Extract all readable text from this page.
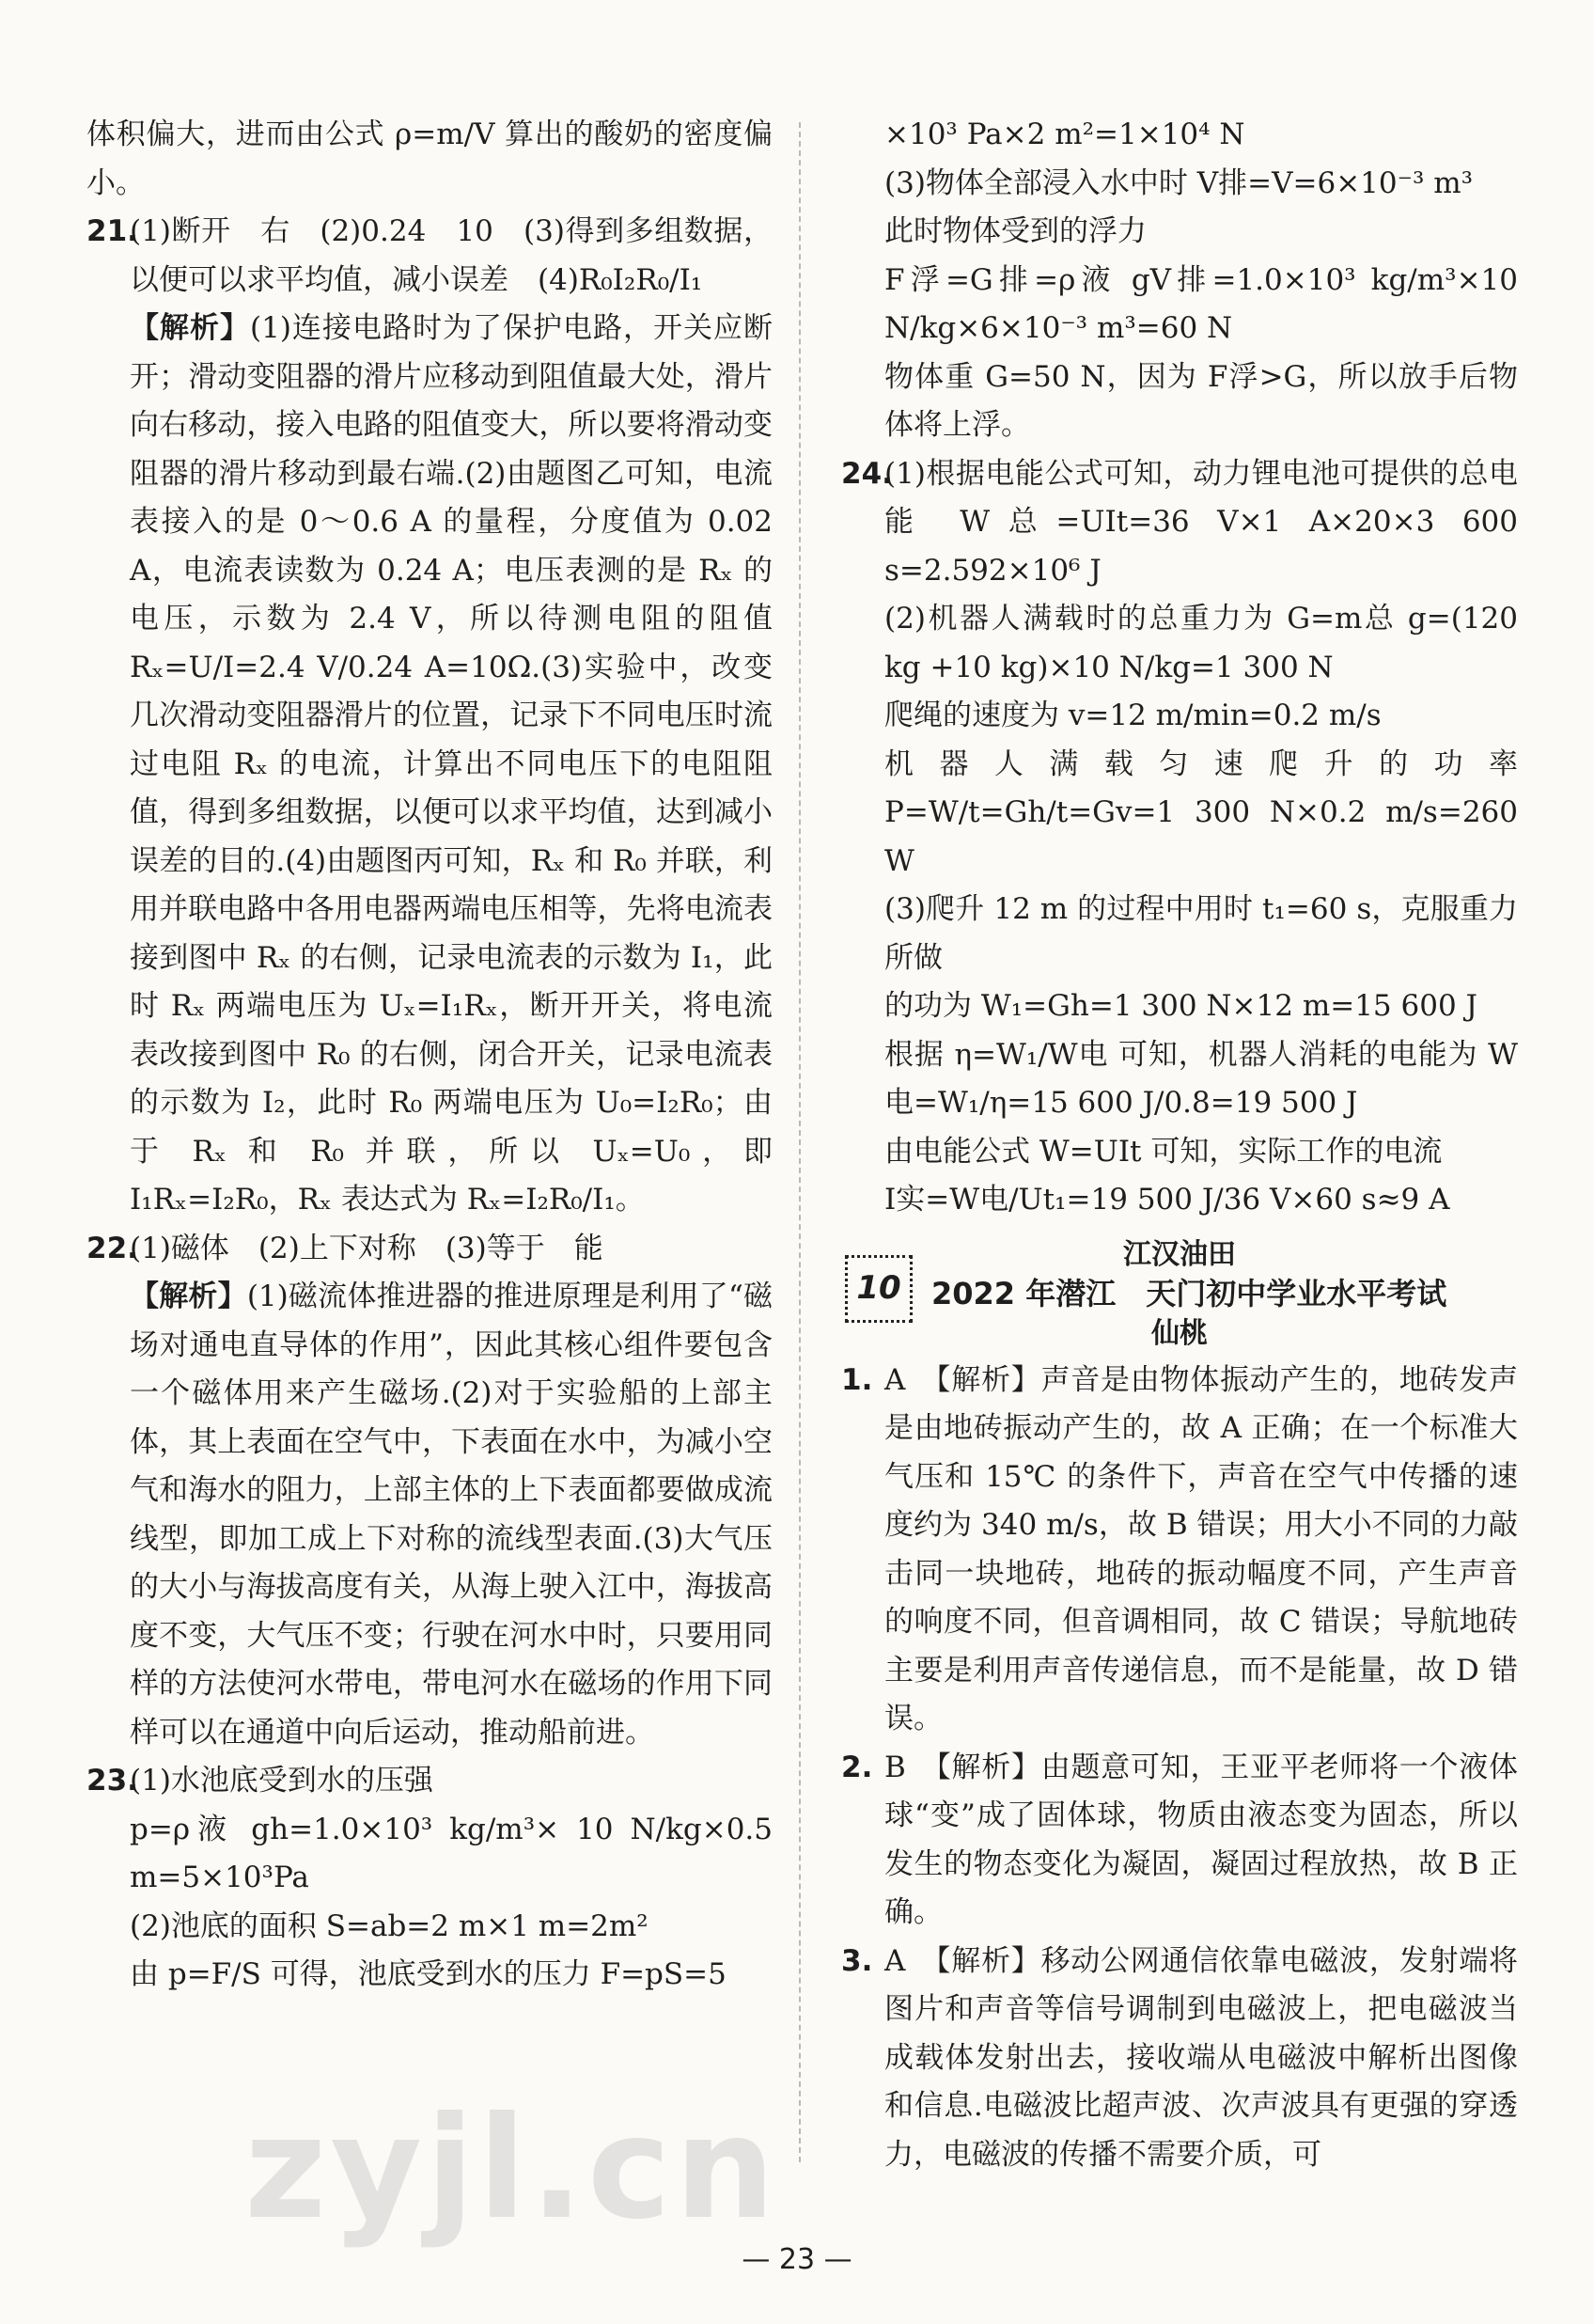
体积偏大，进而由公式 ρ=m/V 算出的酸奶的密度偏小。

21.(1)断开　右　(2)0.24　10　(3)得到多组数据，以便可以求平均值，减小误差　(4)R₀I₂R₀/I₁

【解析】(1)连接电路时为了保护电路，开关应断开；滑动变阻器的滑片应移动到阻值最大处，滑片向右移动，接入电路的阻值变大，所以要将滑动变阻器的滑片移动到最右端.(2)由题图乙可知，电流表接入的是 0～0.6 A 的量程，分度值为 0.02 A，电流表读数为 0.24 A；电压表测的是 Rₓ 的电压，示数为 2.4 V，所以待测电阻的阻值 Rₓ=U/I=2.4 V/0.24 A=10Ω.(3)实验中，改变几次滑动变阻器滑片的位置，记录下不同电压时流过电阻 Rₓ 的电流，计算出不同电压下的电阻阻值，得到多组数据，以便可以求平均值，达到减小误差的目的.(4)由题图丙可知，Rₓ 和 R₀ 并联，利用并联电路中各用电器两端电压相等，先将电流表接到图中 Rₓ 的右侧，记录电流表的示数为 I₁，此时 Rₓ 两端电压为 Uₓ=I₁Rₓ，断开开关，将电流表改接到图中 R₀ 的右侧，闭合开关，记录电流表的示数为 I₂，此时 R₀ 两端电压为 U₀=I₂R₀；由于 Rₓ 和 R₀ 并联，所以 Uₓ=U₀，即 I₁Rₓ=I₂R₀，Rₓ 表达式为 Rₓ=I₂R₀/I₁。

22.(1)磁体　(2)上下对称　(3)等于　能

【解析】(1)磁流体推进器的推进原理是利用了“磁场对通电直导体的作用”，因此其核心组件要包含一个磁体用来产生磁场.(2)对于实验船的上部主体，其上表面在空气中，下表面在水中，为减小空气和海水的阻力，上部主体的上下表面都要做成流线型，即加工成上下对称的流线型表面.(3)大气压的大小与海拔高度有关，从海上驶入江中，海拔高度不变，大气压不变；行驶在河水中时，只要用同样的方法使河水带电，带电河水在磁场的作用下同样可以在通道中向后运动，推动船前进。

23.(1)水池底受到水的压强

p=ρ液 gh=1.0×10³ kg/m³× 10 N/kg×0.5 m=5×10³Pa

(2)池底的面积 S=ab=2 m×1 m=2m²

由 p=F/S 可得，池底受到水的压力 F=pS=5

×10³ Pa×2 m²=1×10⁴ N

(3)物体全部浸入水中时 V排=V=6×10⁻³ m³

此时物体受到的浮力

F浮=G排=ρ液 gV排=1.0×10³ kg/m³×10 N/kg×6×10⁻³ m³=60 N

物体重 G=50 N，因为 F浮>G，所以放手后物体将上浮。

24.(1)根据电能公式可知，动力锂电池可提供的总电能 W总=UIt=36 V×1 A×20×3 600 s=2.592×10⁶ J

(2)机器人满载时的总重力为 G=m总 g=(120 kg +10 kg)×10 N/kg=1 300 N

爬绳的速度为 v=12 m/min=0.2 m/s

机器人满载匀速爬升的功率 P=W/t=Gh/t=Gv=1 300 N×0.2 m/s=260 W

(3)爬升 12 m 的过程中用时 t₁=60 s，克服重力所做

的功为 W₁=Gh=1 300 N×12 m=15 600 J

根据 η=W₁/W电 可知，机器人消耗的电能为 W电=W₁/η=15 600 J/0.8=19 500 J

由电能公式 W=UIt 可知，实际工作的电流

I实=W电/Ut₁=19 500 J/36 V×60 s≈9 A

10
江汉油田
2022 年潜江　天门初中学业水平考试
仙桃

1. A　【解析】声音是由物体振动产生的，地砖发声是由地砖振动产生的，故 A 正确；在一个标准大气压和 15℃ 的条件下，声音在空气中传播的速度约为 340 m/s，故 B 错误；用大小不同的力敲击同一块地砖，地砖的振动幅度不同，产生声音的响度不同，但音调相同，故 C 错误；导航地砖主要是利用声音传递信息，而不是能量，故 D 错误。

2. B　【解析】由题意可知，王亚平老师将一个液体球“变”成了固体球，物质由液态变为固态，所以发生的物态变化为凝固，凝固过程放热，故 B 正确。

3. A　【解析】移动公网通信依靠电磁波，发射端将图片和声音等信号调制到电磁波上，把电磁波当成载体发射出去，接收端从电磁波中解析出图像和信息.电磁波比超声波、次声波具有更强的穿透力，电磁波的传播不需要介质，可

zyjl.cn
— 23 —
